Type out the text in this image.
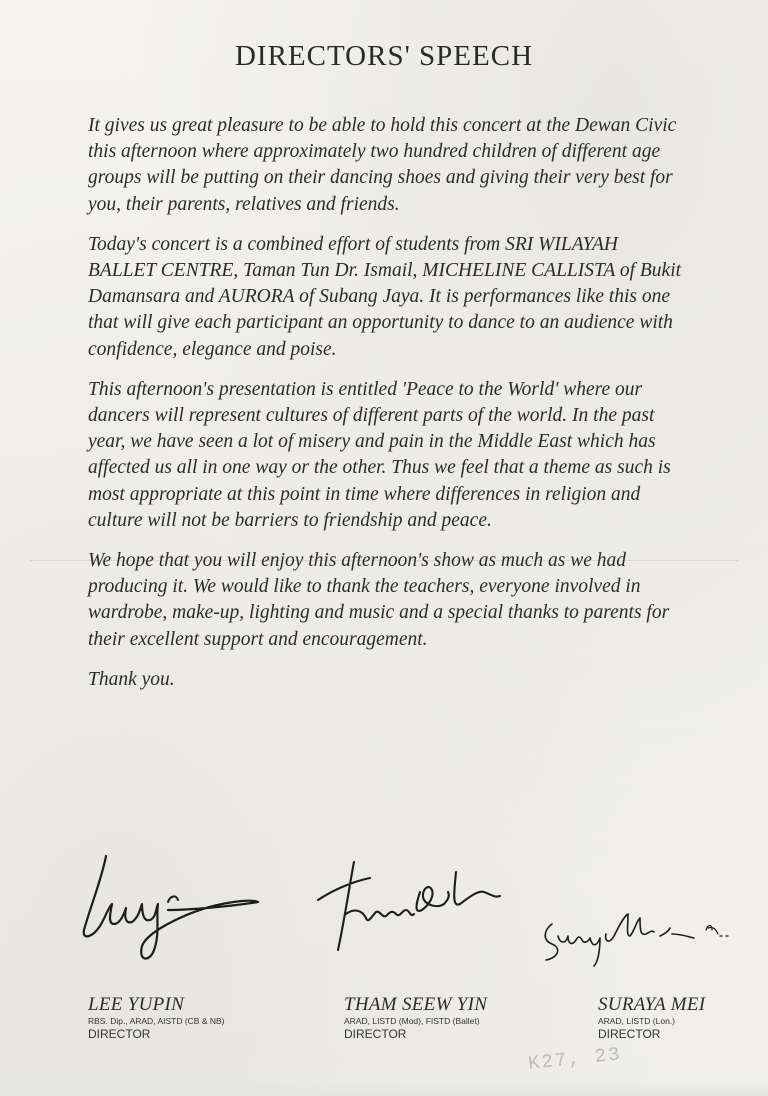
DIRECTORS' SPEECH

It gives us great pleasure to be able to hold this concert at the Dewan Civic this afternoon where approximately two hundred children of different age groups will be putting on their dancing shoes and giving their very best for you, their parents, relatives and friends.

Today's concert is a combined effort of students from SRI WILAYAH BALLET CENTRE, Taman Tun Dr. Ismail, MICHELINE CALLISTA of Bukit Damansara and AURORA of Subang Jaya. It is performances like this one that will give each participant an opportunity to dance to an audience with confidence, elegance and poise.

This afternoon's presentation is entitled 'Peace to the World' where our dancers will represent cultures of different parts of the world. In the past year, we have seen a lot of misery and pain in the Middle East which has affected us all in one way or the other. Thus we feel that a theme as such is most appropriate at this point in time where differences in religion and culture will not be barriers to friendship and peace.

We hope that you will enjoy this afternoon's show as much as we had producing it. We would like to thank the teachers, everyone involved in wardrobe, make-up, lighting and music and a special thanks to parents for their excellent support and encouragement.

Thank you.

LEE YUPIN
RBS. Dip., ARAD, AISTD (CB & NB)
DIRECTOR
THAM SEEW YIN
ARAD, LISTD (Mod), FISTD (Ballet)
DIRECTOR
SURAYA MEI
ARAD, LISTD (Lon.)
DIRECTOR
K27, 23
